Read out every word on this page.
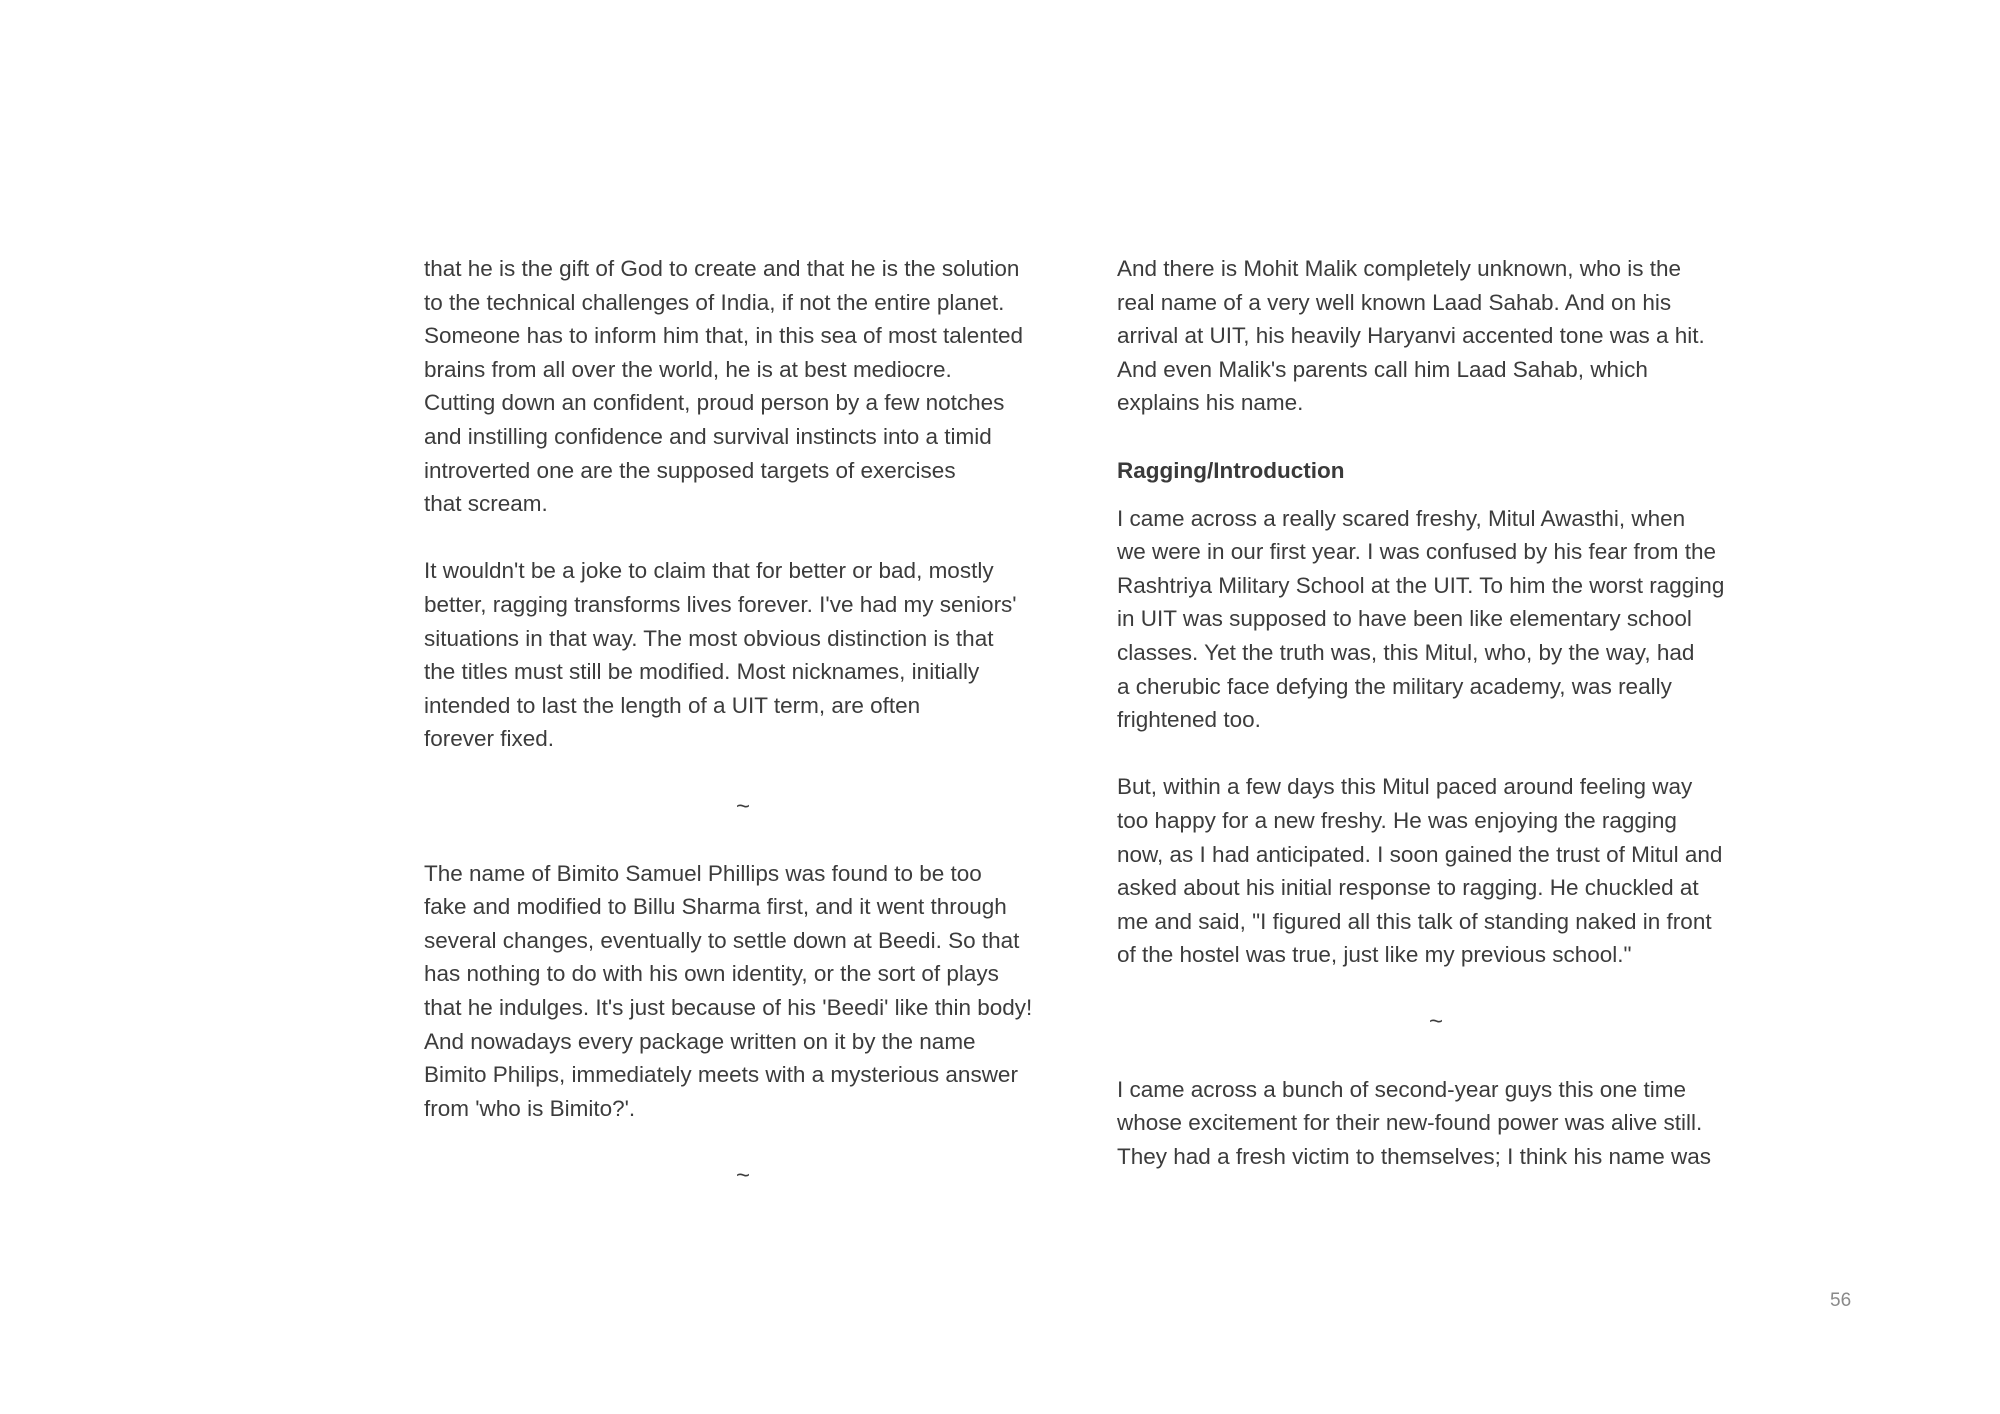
that he is the gift of God to create and that he is the solution
to the technical challenges of India, if not the entire planet.
Someone has to inform him that, in this sea of most talented
brains from all over the world, he is at best mediocre.
Cutting down an confident, proud person by a few notches
and instilling confidence and survival instincts into a timid
introverted one are the supposed targets of exercises
that scream.
It wouldn't be a joke to claim that for better or bad, mostly
better, ragging transforms lives forever. I've had my seniors'
situations in that way. The most obvious distinction is that
the titles must still be modified. Most nicknames, initially
intended to last the length of a UIT term, are often
forever fixed.
~
The name of Bimito Samuel Phillips was found to be too
fake and modified to Billu Sharma first, and it went through
several changes, eventually to settle down at Beedi. So that
has nothing to do with his own identity, or the sort of plays
that he indulges. It's just because of his 'Beedi' like thin body!
And nowadays every package written on it by the name
Bimito Philips, immediately meets with a mysterious answer
from 'who is Bimito?'.
~
And there is Mohit Malik completely unknown, who is the
real name of a very well known Laad Sahab. And on his
arrival at UIT, his heavily Haryanvi accented tone was a hit.
And even Malik's parents call him Laad Sahab, which
explains his name.
Ragging/Introduction
I came across a really scared freshy, Mitul Awasthi, when
we were in our first year. I was confused by his fear from the
Rashtriya Military School at the UIT. To him the worst ragging
in UIT was supposed to have been like elementary school
classes. Yet the truth was, this Mitul, who, by the way, had
a cherubic face defying the military academy, was really
frightened too.
But, within a few days this Mitul paced around feeling way
too happy for a new freshy. He was enjoying the ragging
now, as I had anticipated. I soon gained the trust of Mitul and
asked about his initial response to ragging. He chuckled at
me and said, "I figured all this talk of standing naked in front
of the hostel was true, just like my previous school."
~
I came across a bunch of second-year guys this one time
whose excitement for their new-found power was alive still.
They had a fresh victim to themselves; I think his name was
56
